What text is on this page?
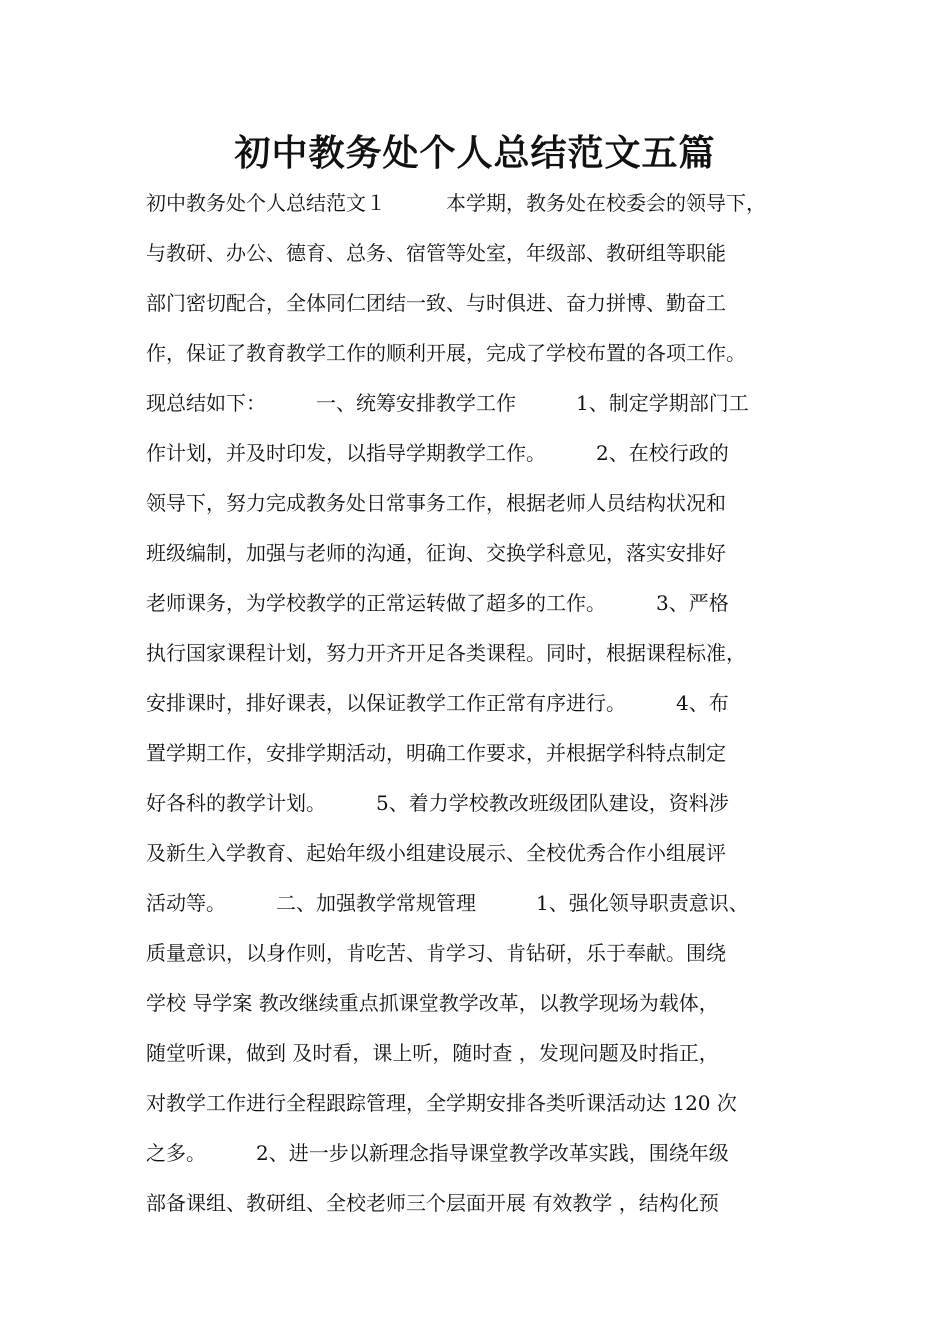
初中教务处个人总结范文五篇
初中教务处个人总结范文１　　　本学期，教务处在校委会的领导下，
与教研、办公、德育、总务、宿管等处室，年级部、教研组等职能
部门密切配合，全体同仁团结一致、与时俱进、奋力拼博、勤奋工
作，保证了教育教学工作的顺利开展，完成了学校布置的各项工作。
现总结如下：　　　一、统筹安排教学工作　　　1、制定学期部门工
作计划，并及时印发，以指导学期教学工作。　　　2、在校行政的
领导下，努力完成教务处日常事务工作，根据老师人员结构状况和
班级编制，加强与老师的沟通，征询、交换学科意见，落实安排好
老师课务，为学校教学的正常运转做了超多的工作。　　　3、严格
执行国家课程计划，努力开齐开足各类课程。同时，根据课程标准，
安排课时，排好课表，以保证教学工作正常有序进行。　　　4、布
置学期工作，安排学期活动，明确工作要求，并根据学科特点制定
好各科的教学计划。　　　5、着力学校教改班级团队建设，资料涉
及新生入学教育、起始年级小组建设展示、全校优秀合作小组展评
活动等。　　　二、加强教学常规管理　　　1、强化领导职责意识、
质量意识，以身作则，肯吃苦、肯学习、肯钻研，乐于奉献。围绕
学校 导学案 教改继续重点抓课堂教学改革，以教学现场为载体，
随堂听课，做到 及时看，课上听，随时查 ，发现问题及时指正，
对教学工作进行全程跟踪管理，全学期安排各类听课活动达 120 次
之多。　　　2、进一步以新理念指导课堂教学改革实践，围绕年级
部备课组、教研组、全校老师三个层面开展 有效教学 ，结构化预
